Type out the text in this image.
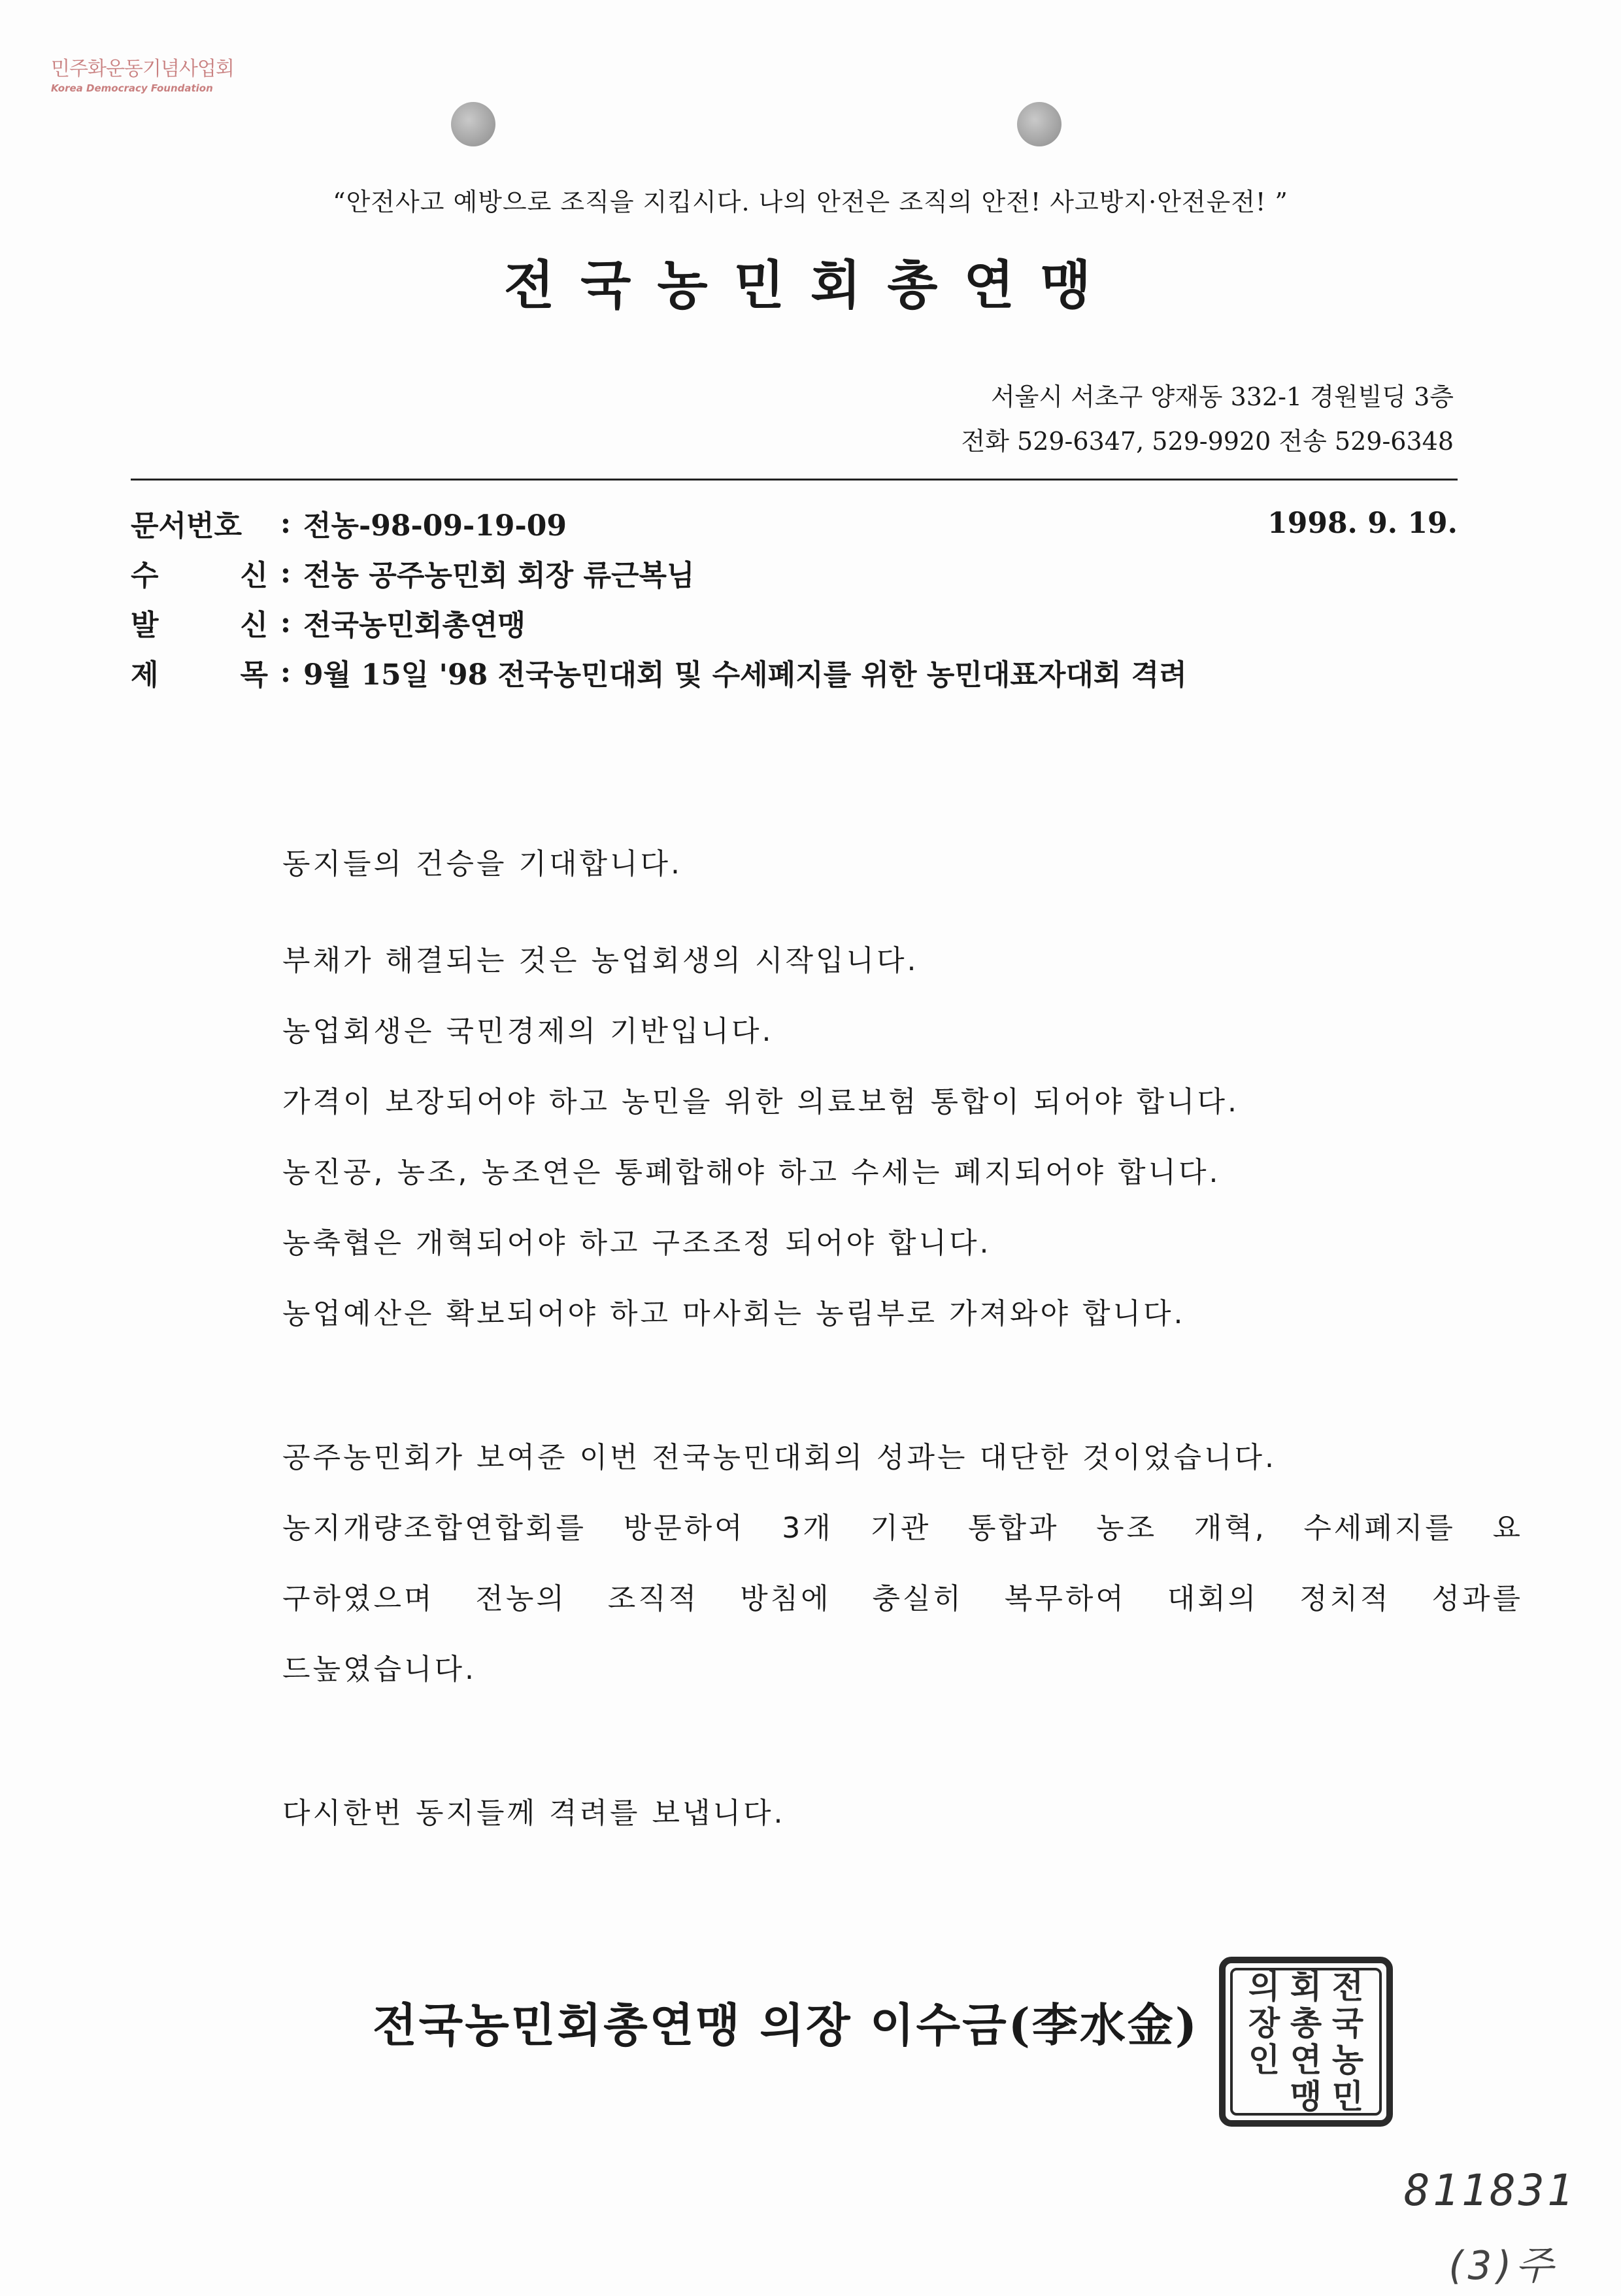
민주화운동기념사업회
Korea Democracy Foundation
“안전사고 예방으로 조직을 지킵시다. 나의 안전은 조직의 안전! 사고방지·안전운전! ”
전국농민회총연맹
서울시 서초구 양재동 332-1 경원빌딩 3층
전화 529-6347, 529-9920 전송 529-6348
문서번호	: 전농-98-09-19-09	1998. 9. 19.
수	신 : 전농 공주농민회 회장 류근복님
발	신 : 전국농민회총연맹
제	목 : 9월 15일 '98 전국농민대회 및 수세폐지를 위한 농민대표자대회 격려

동지들의 건승을 기대합니다.

부채가 해결되는 것은 농업회생의 시작입니다.

농업회생은 국민경제의 기반입니다.

가격이 보장되어야 하고 농민을 위한 의료보험 통합이 되어야 합니다.

농진공, 농조, 농조연은 통폐합해야 하고 수세는 폐지되어야 합니다.

농축협은 개혁되어야 하고 구조조정 되어야 합니다.

농업예산은 확보되어야 하고 마사회는 농림부로 가져와야 합니다.

공주농민회가 보여준 이번 전국농민대회의 성과는 대단한 것이었습니다.

농지개량조합연합회를 방문하여 3개 기관 통합과 농조 개혁, 수세폐지를 요

구하였으며 전농의 조직적 방침에 충실히 복무하여 대회의 정치적 성과를

드높였습니다.

다시한번 동지들께 격려를 보냅니다.

전국농민회총연맹 의장 이수금(李水金)
전
국
농
민
회
총
연
맹
의
장
인
811831
(3)주
